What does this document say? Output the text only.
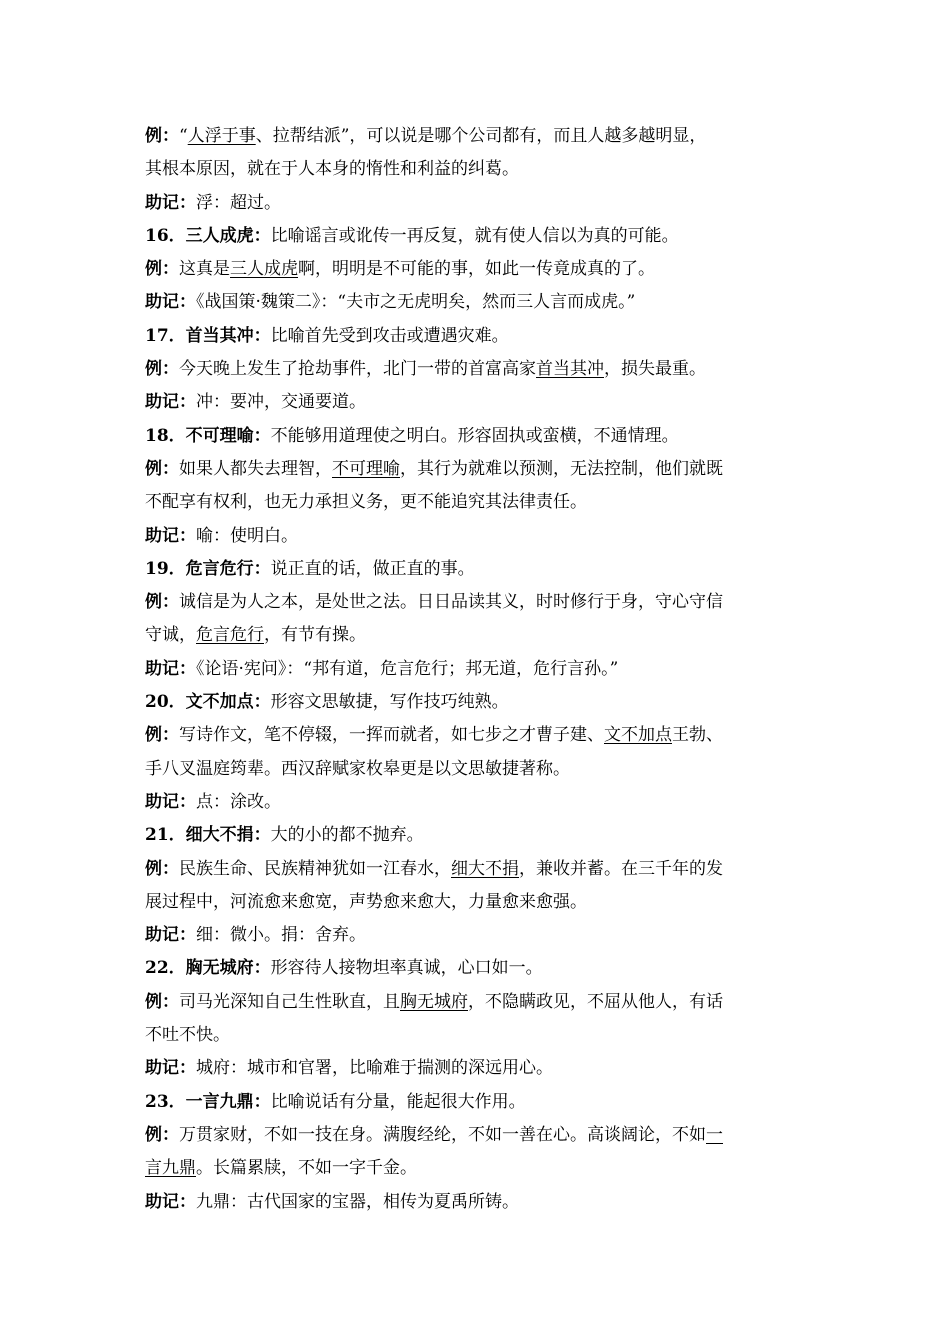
例：“人浮于事、拉帮结派”，可以说是哪个公司都有，而且人越多越明显，
其根本原因，就在于人本身的惰性和利益的纠葛。
助记：浮：超过。
16．三人成虎：比喻谣言或讹传一再反复，就有使人信以为真的可能。
例：这真是三人成虎啊，明明是不可能的事，如此一传竟成真的了。
助记：《战国策·魏策二》：“夫市之无虎明矣，然而三人言而成虎。”
17．首当其冲：比喻首先受到攻击或遭遇灾难。
例：今天晚上发生了抢劫事件，北门一带的首富高家首当其冲，损失最重。
助记：冲：要冲，交通要道。
18．不可理喻：不能够用道理使之明白。形容固执或蛮横，不通情理。
例：如果人都失去理智，不可理喻，其行为就难以预测，无法控制，他们就既
不配享有权利，也无力承担义务，更不能追究其法律责任。
助记：喻：使明白。
19．危言危行：说正直的话，做正直的事。
例：诚信是为人之本，是处世之法。日日品读其义，时时修行于身，守心守信
守诚，危言危行，有节有操。
助记：《论语·宪问》：“邦有道，危言危行；邦无道，危行言孙。”
20．文不加点：形容文思敏捷，写作技巧纯熟。
例：写诗作文，笔不停辍，一挥而就者，如七步之才曹子建、文不加点王勃、
手八叉温庭筠辈。西汉辞赋家枚皋更是以文思敏捷著称。
助记：点：涂改。
21．细大不捐：大的小的都不抛弃。
例：民族生命、民族精神犹如一江春水，细大不捐，兼收并蓄。在三千年的发
展过程中，河流愈来愈宽，声势愈来愈大，力量愈来愈强。
助记：细：微小。捐：舍弃。
22．胸无城府：形容待人接物坦率真诚，心口如一。
例：司马光深知自己生性耿直，且胸无城府，不隐瞒政见，不屈从他人，有话
不吐不快。
助记：城府：城市和官署，比喻难于揣测的深远用心。
23．一言九鼎：比喻说话有分量，能起很大作用。
例：万贯家财，不如一技在身。满腹经纶，不如一善在心。高谈阔论，不如一
言九鼎。长篇累牍，不如一字千金。
助记：九鼎：古代国家的宝器，相传为夏禹所铸。
